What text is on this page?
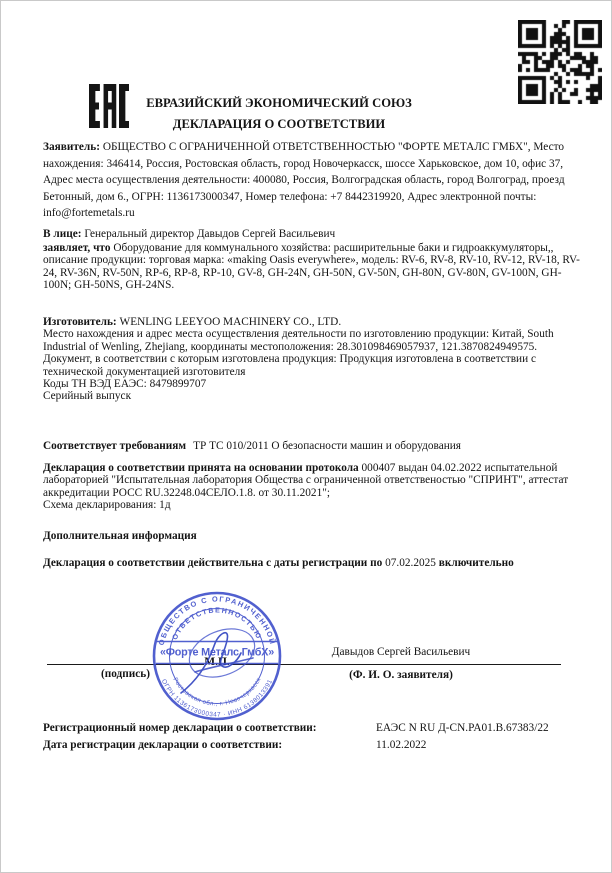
ЕВРАЗИЙСКИЙ ЭКОНОМИЧЕСКИЙ СОЮЗ
ДЕКЛАРАЦИЯ О СООТВЕТСТВИИ

Заявитель: ОБЩЕСТВО С ОГРАНИЧЕННОЙ ОТВЕТСТВЕННОСТЬЮ "ФОРТЕ МЕТАЛС ГМБХ", Место нахождения: 346414, Россия, Ростовская область, город Новочеркасск, шоссе Харьковское, дом 10, офис 37, Адрес места осуществления деятельности: 400080, Россия, Волгоградская область, город Волгоград, проезд Бетонный, дом 6., ОГРН: 1136173000347, Номер телефона: +7 8442319920, Адрес электронной почты: info@fortemetals.ru

В лице: Генеральный директор Давыдов Сергей Васильевич

заявляет, что Оборудование для коммунального хозяйства: расширительные баки и гидроаккумуляторы,, описание продукции: торговая марка: «making Oasis everywhere», модель: RV-6, RV-8, RV-10, RV-12, RV-18, RV-24, RV-36N, RV-50N, RP-6, RP-8, RP-10, GV-8, GH-24N, GH-50N, GV-50N, GH-80N, GV-80N, GV-100N, GH-100N; GH-50NS, GH-24NS.

Изготовитель: WENLING LEEYOO MACHINERY CO., LTD.
Место нахождения и адрес места осуществления деятельности по изготовлению продукции: Китай, South Industrial of Wenling, Zhejiang, координаты местоположения: 28.301098469057937, 121.3870824949575.
Документ, в соответствии с которым изготовлена продукция: Продукция изготовлена в соответствии с технической документацией изготовителя
Коды ТН ВЭД ЕАЭС: 8479899707
Серийный выпуск

Соответствует требованиям ТР ТС 010/2011 О безопасности машин и оборудования

Декларация о соответствии принята на основании протокола 000407 выдан 04.02.2022 испытательной лабораторией "Испытательная лаборатория Общества с ограниченной ответственостью "СПРИНТ", аттестат аккредитации РОСС RU.32248.04СЕЛО.1.8. от 30.11.2021";
Схема декларирования: 1д

Дополнительная информация

Декларация о соответствии действительна с даты регистрации по 07.02.2025 включительно

(подпись)
М.П.
Давыдов Сергей Васильевич
(Ф. И. О. заявителя)
ОБЩЕСТВО С ОГРАНИЧЕННОЙ
ОТВЕТСТВЕННОСТЬЮ
ОГРН 1136173000347 · ИНН 6138013391
Ростовская обл., г. Новочеркасск
«Форте Металс ГмбХ»
Регистрационный номер декларации о соответствии:	ЕАЭС N RU Д-CN.PA01.B.67383/22
Дата регистрации декларации о соответствии:	11.02.2022
